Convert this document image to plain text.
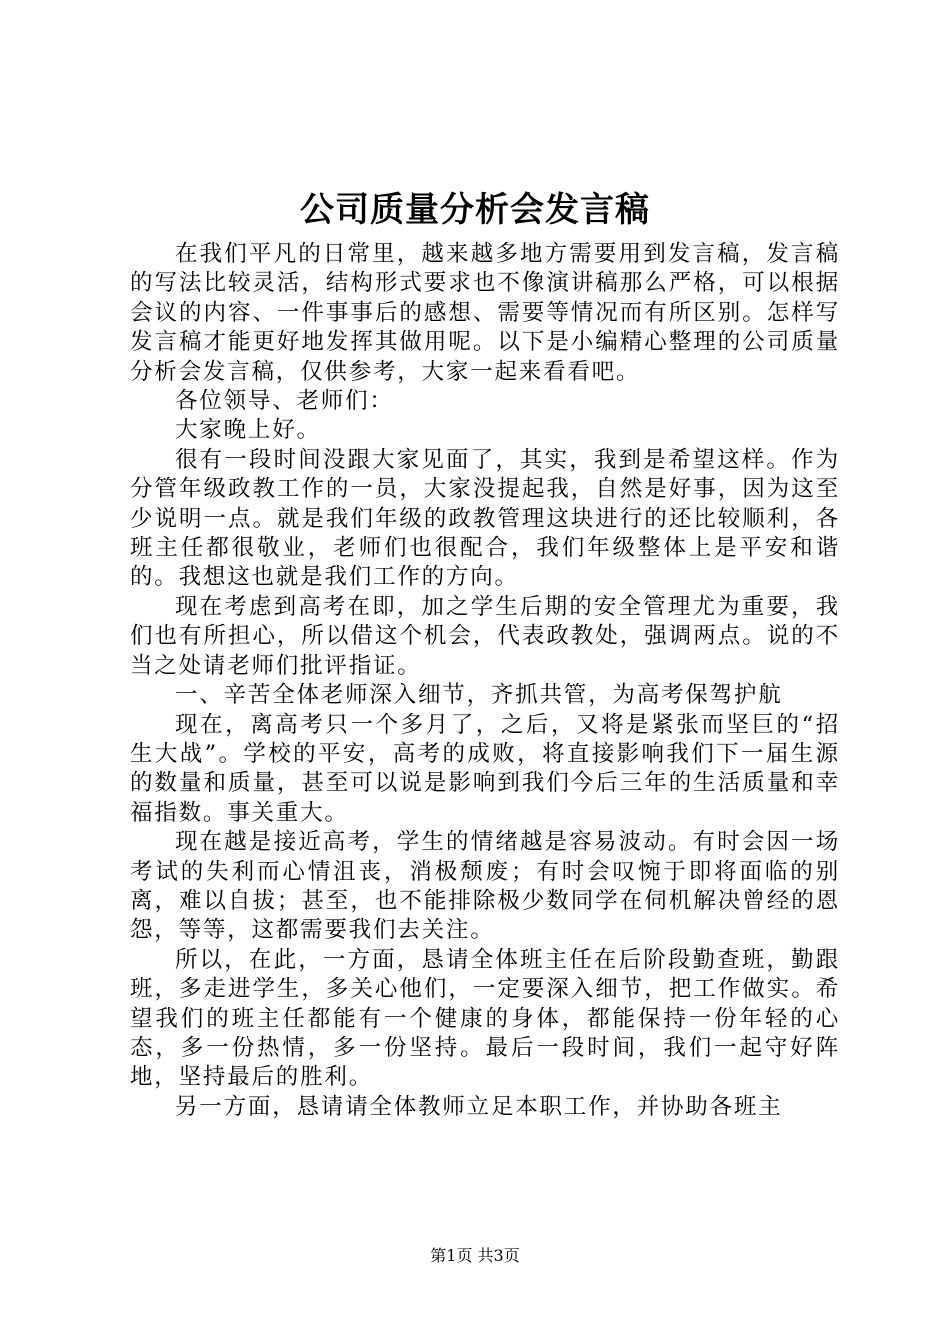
公司质量分析会发言稿

在我们平凡的日常里，越来越多地方需要用到发言稿，发言稿的写法比较灵活，结构形式要求也不像演讲稿那么严格，可以根据会议的内容、一件事事后的感想、需要等情况而有所区别。怎样写发言稿才能更好地发挥其做用呢。以下是小编精心整理的公司质量分析会发言稿，仅供参考，大家一起来看看吧。

各位领导、老师们：

大家晚上好。

很有一段时间没跟大家见面了，其实，我到是希望这样。作为分管年级政教工作的一员，大家没提起我，自然是好事，因为这至少说明一点。就是我们年级的政教管理这块进行的还比较顺利，各班主任都很敬业，老师们也很配合，我们年级整体上是平安和谐的。我想这也就是我们工作的方向。

现在考虑到高考在即，加之学生后期的安全管理尤为重要，我们也有所担心，所以借这个机会，代表政教处，强调两点。说的不当之处请老师们批评指证。

一、辛苦全体老师深入细节，齐抓共管，为高考保驾护航

现在，离高考只一个多月了，之后，又将是紧张而坚巨的“招生大战”。学校的平安，高考的成败，将直接影响我们下一届生源的数量和质量，甚至可以说是影响到我们今后三年的生活质量和幸福指数。事关重大。

现在越是接近高考，学生的情绪越是容易波动。有时会因一场考试的失利而心情沮丧，消极颓废；有时会叹惋于即将面临的别离，难以自拔；甚至，也不能排除极少数同学在伺机解决曾经的恩怨，等等，这都需要我们去关注。

所以，在此，一方面，恳请全体班主任在后阶段勤查班，勤跟班，多走进学生，多关心他们，一定要深入细节，把工作做实。希望我们的班主任都能有一个健康的身体，都能保持一份年轻的心态，多一份热情，多一份坚持。最后一段时间，我们一起守好阵地，坚持最后的胜利。

另一方面，恳请请全体教师立足本职工作，并协助各班主

第1页 共3页
